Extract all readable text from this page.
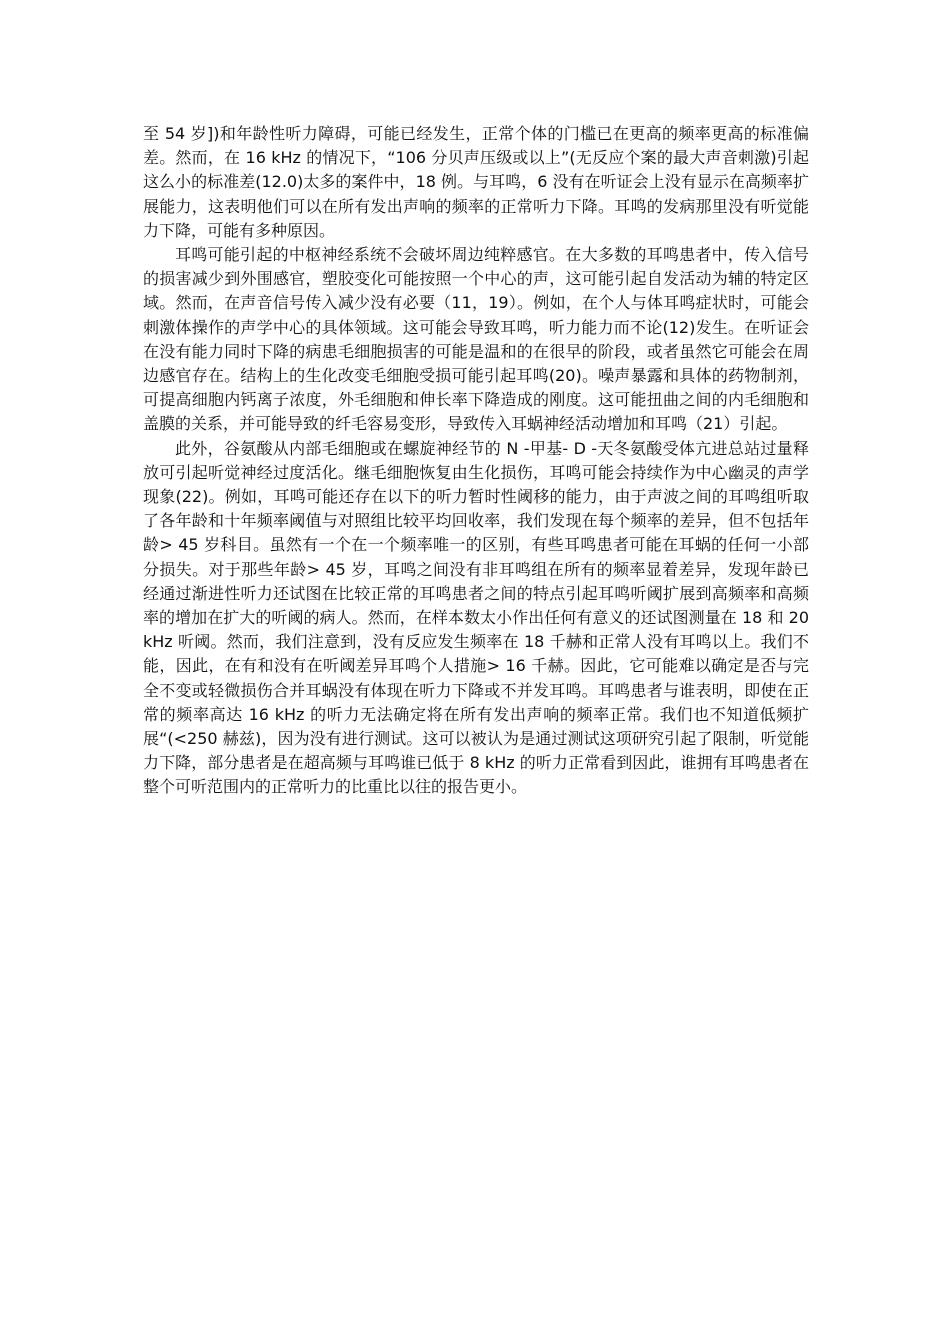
至 54 岁])和年龄性听力障碍，可能已经发生，正常个体的门槛已在更高的频率更高的标准偏差。然而，在 16 kHz 的情况下，“106 分贝声压级或以上”(无反应个案的最大声音刺激)引起这么小的标准差(12.0)太多的案件中，18 例。与耳鸣，6 没有在听证会上没有显示在高频率扩展能力，这表明他们可以在所有发出声响的频率的正常听力下降。耳鸣的发病那里没有听觉能力下降，可能有多种原因。

耳鸣可能引起的中枢神经系统不会破坏周边纯粹感官。在大多数的耳鸣患者中，传入信号的损害减少到外围感官，塑胶变化可能按照一个中心的声，这可能引起自发活动为辅的特定区域。然而，在声音信号传入减少没有必要（11，19）。例如，在个人与体耳鸣症状时，可能会刺激体操作的声学中心的具体领域。这可能会导致耳鸣，听力能力而不论(12)发生。在听证会在没有能力同时下降的病患毛细胞损害的可能是温和的在很早的阶段，或者虽然它可能会在周边感官存在。结构上的生化改变毛细胞受损可能引起耳鸣(20)。噪声暴露和具体的药物制剂，可提高细胞内钙离子浓度，外毛细胞和伸长率下降造成的刚度。这可能扭曲之间的内毛细胞和盖膜的关系，并可能导致的纤毛容易变形，导致传入耳蜗神经活动增加和耳鸣（21）引起。

此外，谷氨酸从内部毛细胞或在螺旋神经节的 N -甲基- D -天冬氨酸受体亢进总站过量释放可引起听觉神经过度活化。继毛细胞恢复由生化损伤，耳鸣可能会持续作为中心幽灵的声学现象(22)。例如，耳鸣可能还存在以下的听力暂时性阈移的能力，由于声波之间的耳鸣组听取了各年龄和十年频率阈值与对照组比较平均回收率，我们发现在每个频率的差异，但不包括年龄> 45 岁科目。虽然有一个在一个频率唯一的区别，有些耳鸣患者可能在耳蜗的任何一小部分损失。对于那些年龄> 45 岁，耳鸣之间没有非耳鸣组在所有的频率显着差异，发现年龄已经通过渐进性听力还试图在比较正常的耳鸣患者之间的特点引起耳鸣听阈扩展到高频率和高频率的增加在扩大的听阈的病人。然而，在样本数太小作出任何有意义的还试图测量在 18 和 20 kHz 听阈。然而，我们注意到，没有反应发生频率在 18 千赫和正常人没有耳鸣以上。我们不能，因此，在有和没有在听阈差异耳鸣个人措施> 16 千赫。因此，它可能难以确定是否与完全不变或轻微损伤合并耳蜗没有体现在听力下降或不并发耳鸣。耳鸣患者与谁表明，即使在正常的频率高达 16 kHz 的听力无法确定将在所有发出声响的频率正常。我们也不知道低频扩展“(<250 赫兹)，因为没有进行测试。这可以被认为是通过测试这项研究引起了限制，听觉能力下降，部分患者是在超高频与耳鸣谁已低于 8 kHz 的听力正常看到因此，谁拥有耳鸣患者在整个可听范围内的正常听力的比重比以往的报告更小。
